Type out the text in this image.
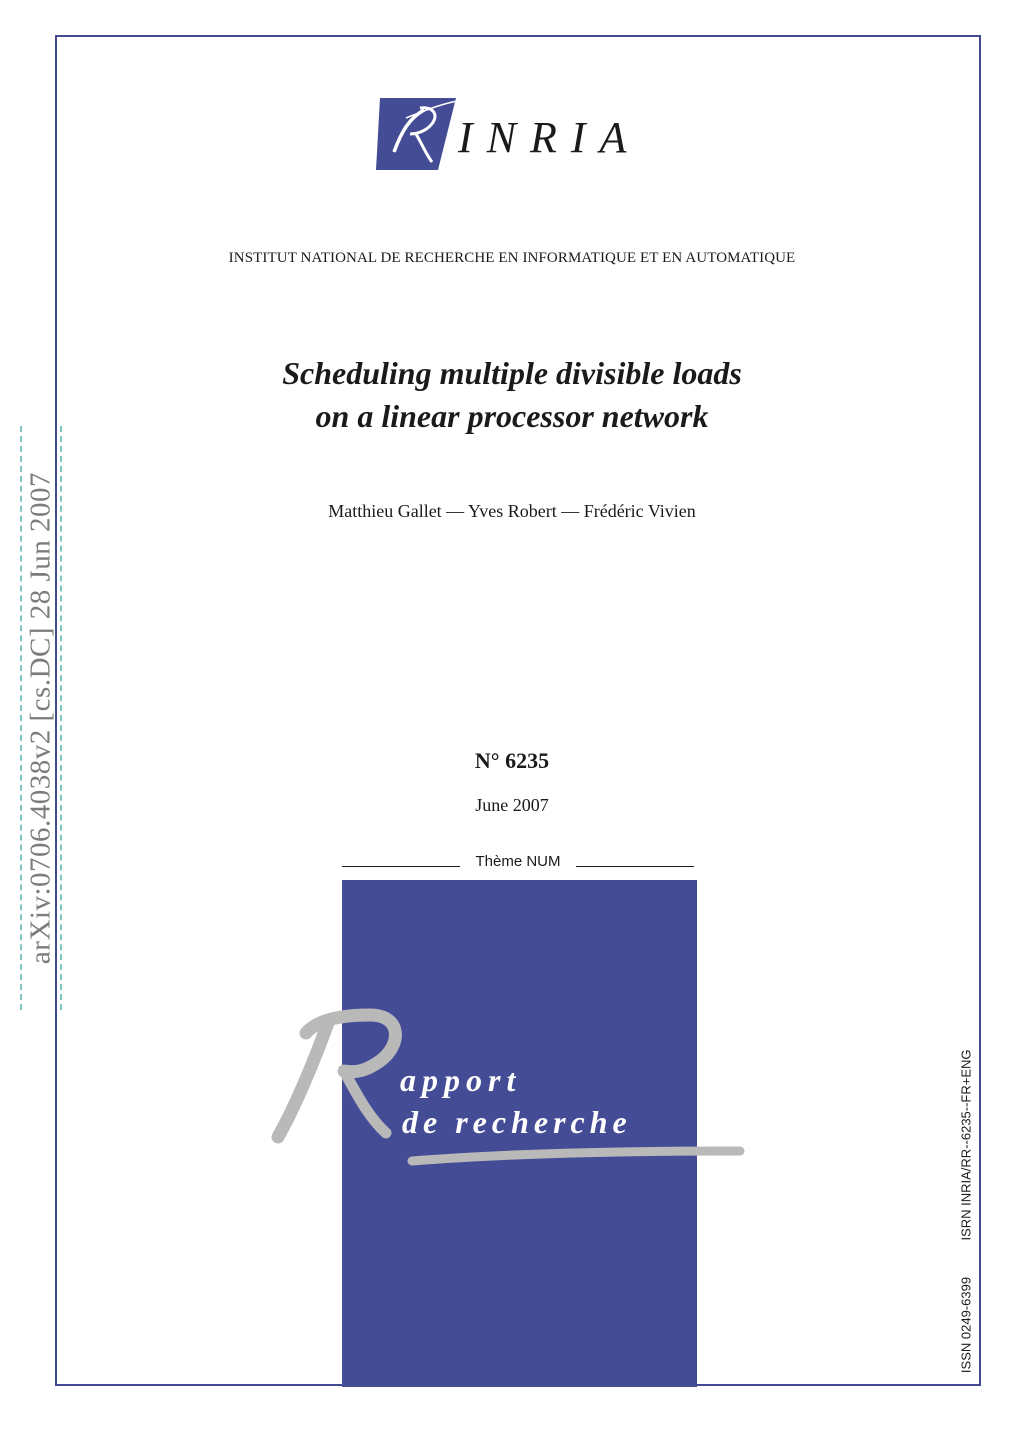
INRIA
INSTITUT NATIONAL DE RECHERCHE EN INFORMATIQUE ET EN AUTOMATIQUE
Scheduling multiple divisible loads
on a linear processor network
Matthieu Gallet — Yves Robert — Frédéric Vivien
N° 6235
June 2007
Thème NUM
apport
de recherche
arXiv:0706.4038v2 [cs.DC] 28 Jun 2007
ISRN INRIA/RR--6235--FR+ENG
ISSN 0249-6399
